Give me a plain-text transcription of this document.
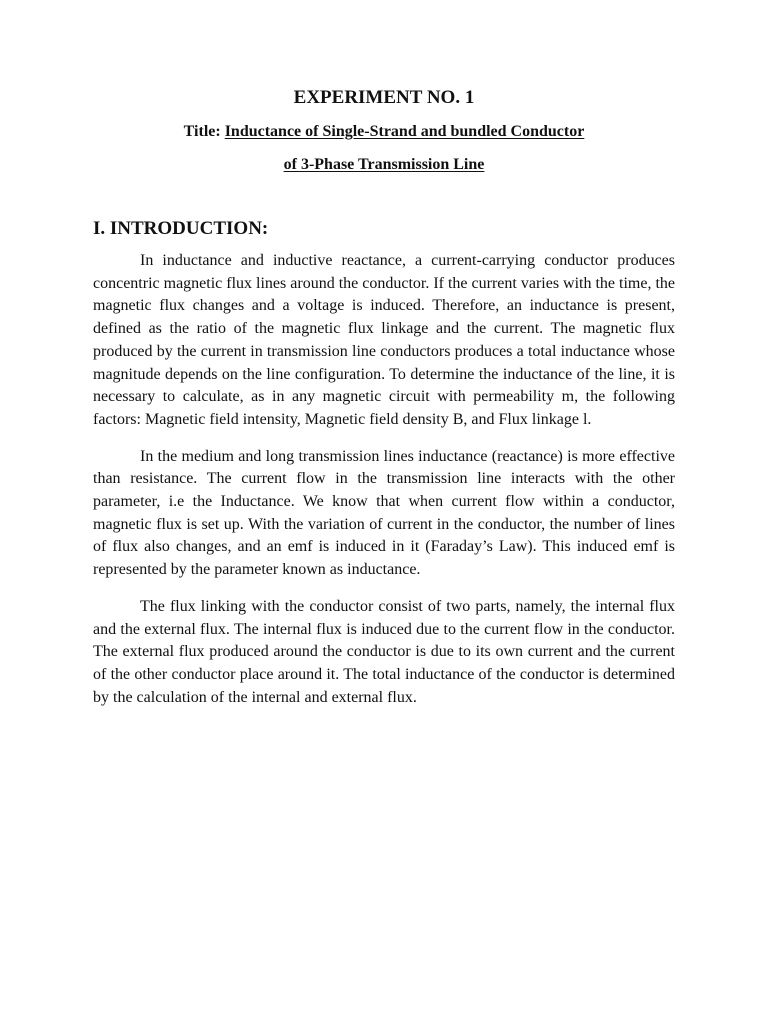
EXPERIMENT NO. 1

Title: Inductance of Single-Strand and bundled Conductor

of 3-Phase Transmission Line

I. INTRODUCTION:

In inductance and inductive reactance, a current-carrying conductor produces concentric magnetic flux lines around the conductor. If the current varies with the time, the magnetic flux changes and a voltage is induced. Therefore, an inductance is present, defined as the ratio of the magnetic flux linkage and the current. The magnetic flux produced by the current in transmission line conductors produces a total inductance whose magnitude depends on the line configuration. To determine the inductance of the line, it is necessary to calculate, as in any magnetic circuit with permeability m, the following factors: Magnetic field intensity, Magnetic field density B, and Flux linkage l.

In the medium and long transmission lines inductance (reactance) is more effective than resistance. The current flow in the transmission line interacts with the other parameter, i.e the Inductance. We know that when current flow within a conductor, magnetic flux is set up. With the variation of current in the conductor, the number of lines of flux also changes, and an emf is induced in it (Faraday’s Law). This induced emf is represented by the parameter known as inductance.

The flux linking with the conductor consist of two parts, namely, the internal flux and the external flux. The internal flux is induced due to the current flow in the conductor. The external flux produced around the conductor is due to its own current and the current of the other conductor place around it. The total inductance of the conductor is determined by the calculation of the internal and external flux.
